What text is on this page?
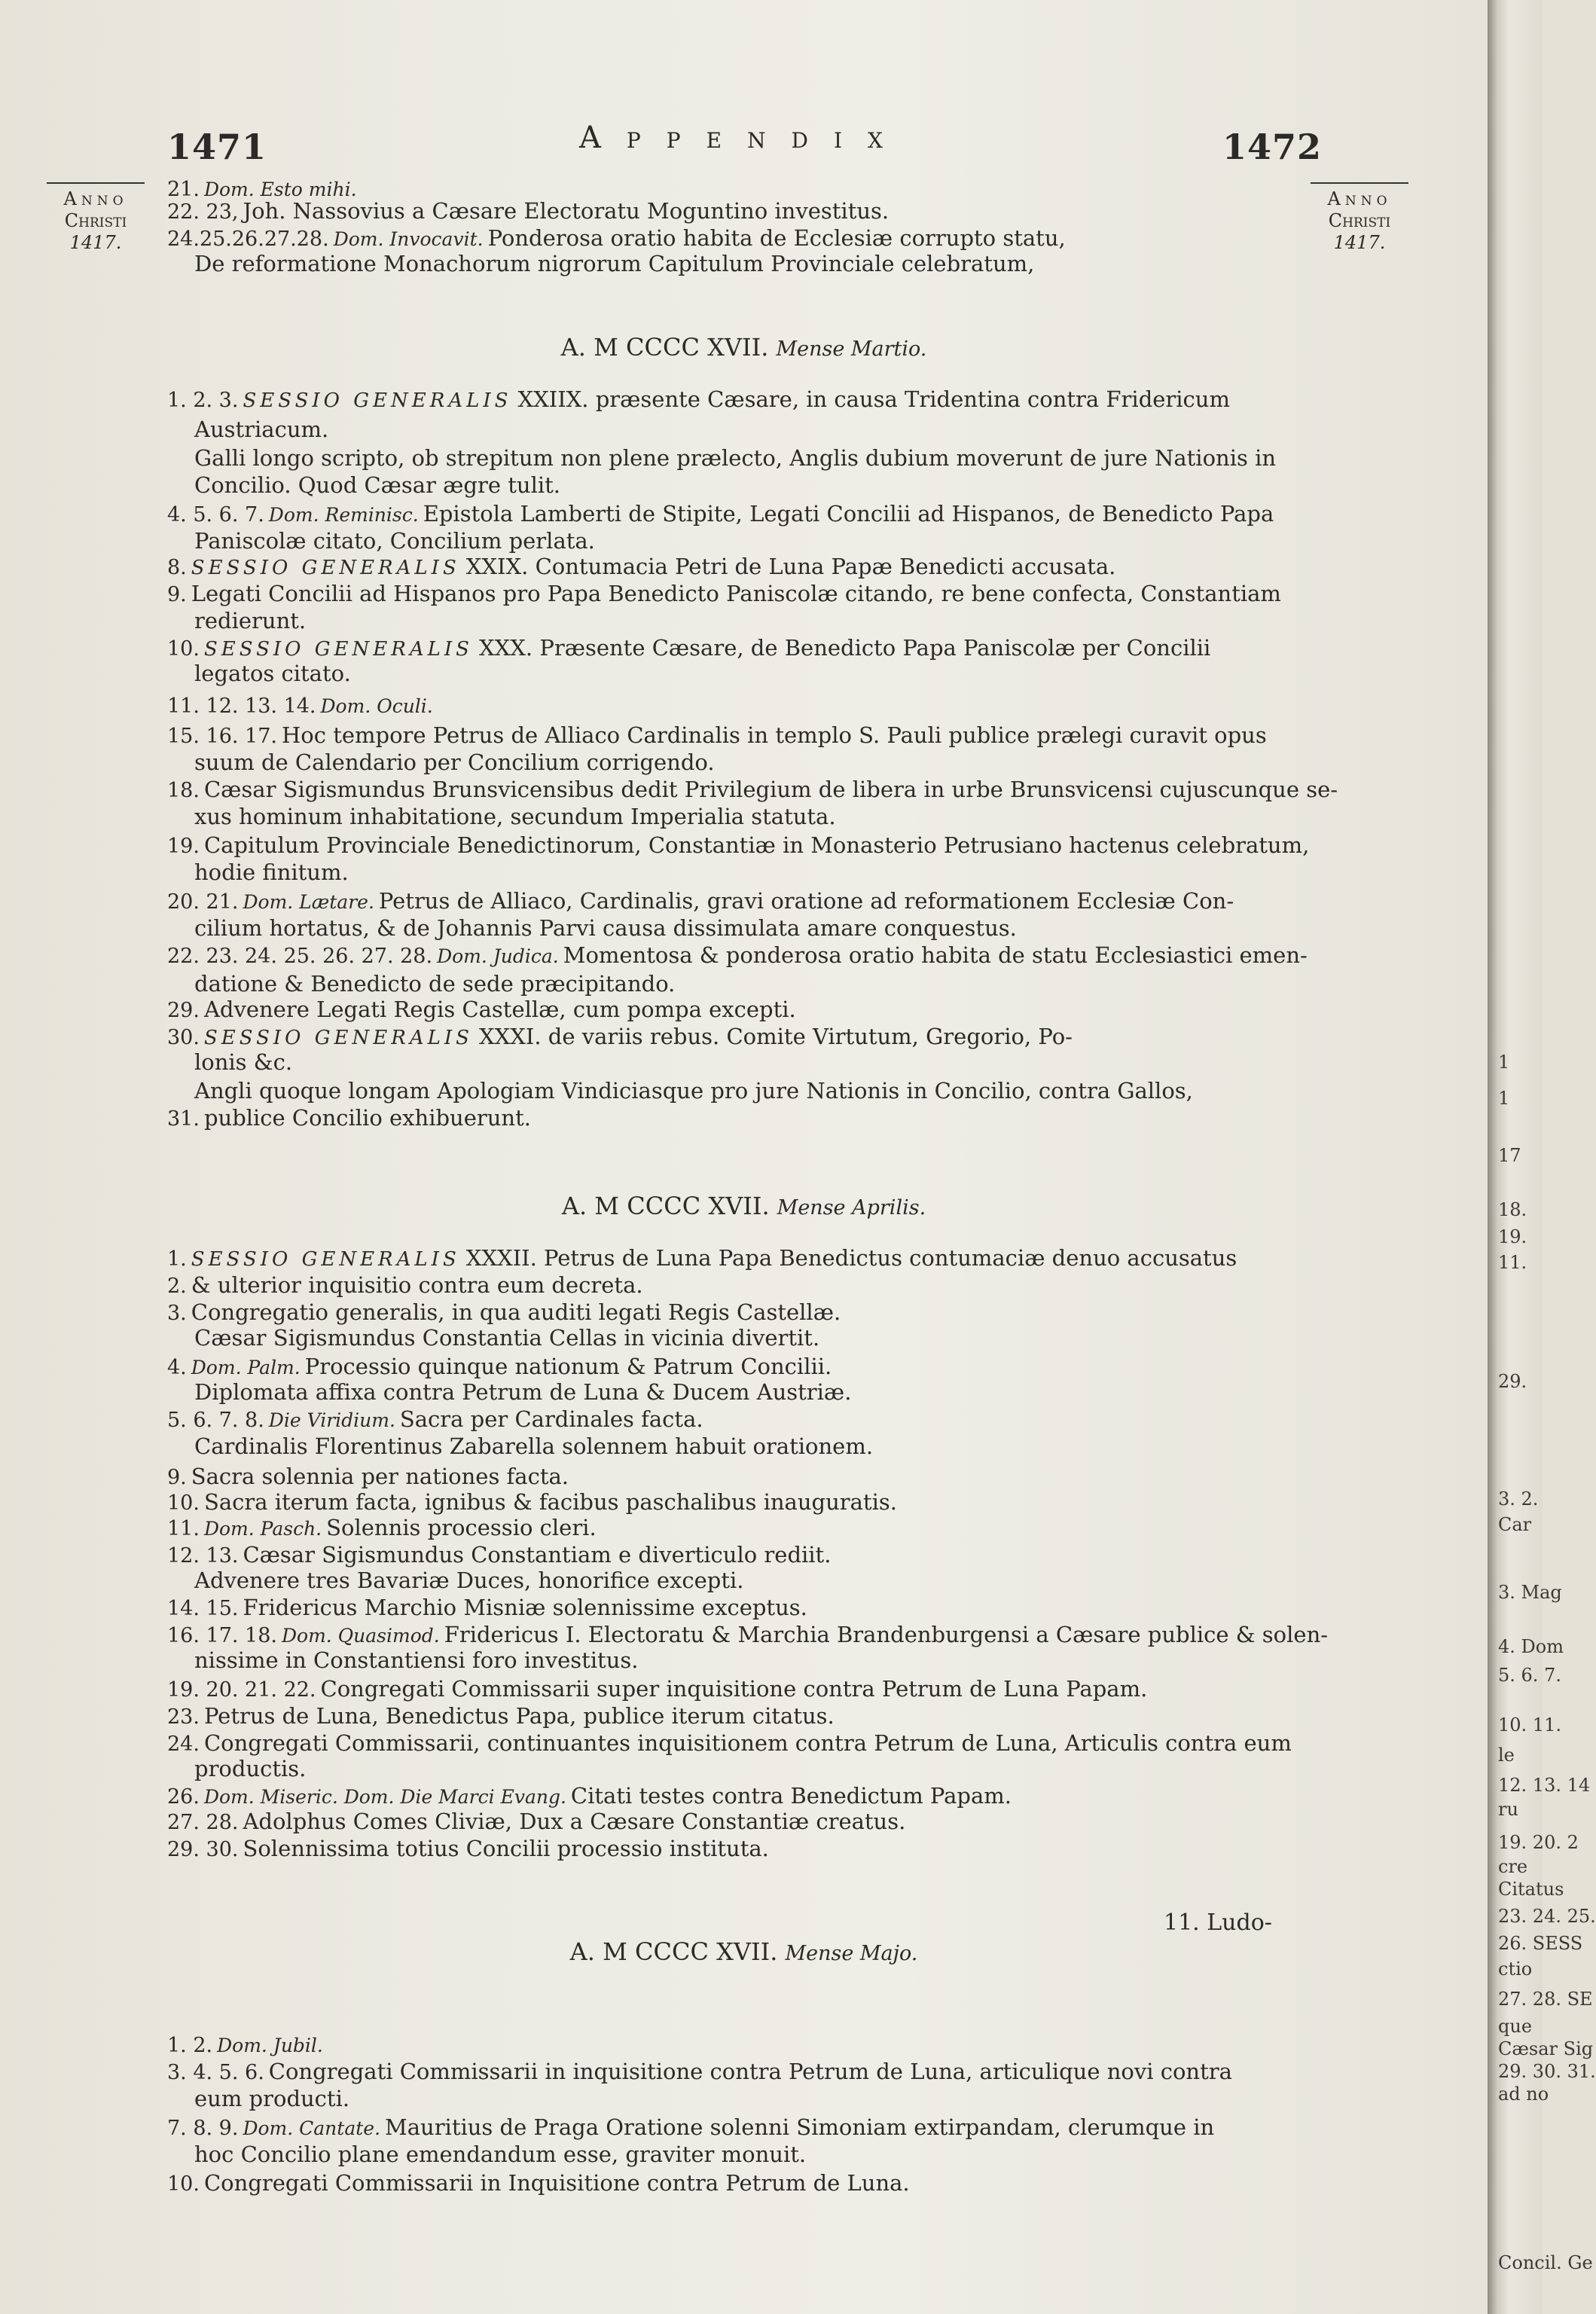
1471	Appendix	1472
Anno
Christi
1417.
Anno
Christi
1417.
21. Dom. Esto mihi.
22. 23, Joh. Nassovius a Cæsare Electoratu Moguntino investitus.
24.25.26.27.28. Dom. Invocavit. Ponderosa oratio habita de Ecclesiæ corrupto statu,
De reformatione Monachorum nigrorum Capitulum Provinciale celebratum,
A. M CCCC XVII. Mense Martio.
1. 2. 3. SESSIO GENERALIS XXIIX. præsente Cæsare, in causa Tridentina contra Fridericum
Austriacum.
Galli longo scripto, ob strepitum non plene prælecto, Anglis dubium moverunt de jure Nationis in
Concilio. Quod Cæsar ægre tulit.
4. 5. 6. 7. Dom. Reminisc. Epistola Lamberti de Stipite, Legati Concilii ad Hispanos, de Benedicto Papa
Paniscolæ citato, Concilium perlata.
8. SESSIO GENERALIS XXIX. Contumacia Petri de Luna Papæ Benedicti accusata.
9. Legati Concilii ad Hispanos pro Papa Benedicto Paniscolæ citando, re bene confecta, Constantiam
redierunt.
10. SESSIO GENERALIS XXX. Præsente Cæsare, de Benedicto Papa Paniscolæ per Concilii
legatos citato.
11. 12. 13. 14. Dom. Oculi.
15. 16. 17. Hoc tempore Petrus de Alliaco Cardinalis in templo S. Pauli publice prælegi curavit opus
suum de Calendario per Concilium corrigendo.
18. Cæsar Sigismundus Brunsvicensibus dedit Privilegium de libera in urbe Brunsvicensi cujuscunque se-
xus hominum inhabitatione, secundum Imperialia statuta.
19. Capitulum Provinciale Benedictinorum, Constantiæ in Monasterio Petrusiano hactenus celebratum,
hodie finitum.
20. 21. Dom. Lætare. Petrus de Alliaco, Cardinalis, gravi oratione ad reformationem Ecclesiæ Con-
cilium hortatus, & de Johannis Parvi causa dissimulata amare conquestus.
22. 23. 24. 25. 26. 27. 28. Dom. Judica. Momentosa & ponderosa oratio habita de statu Ecclesiastici emen-
datione & Benedicto de sede præcipitando.
29. Advenere Legati Regis Castellæ, cum pompa excepti.
30. SESSIO GENERALIS XXXI. de variis rebus. Comite Virtutum, Gregorio, Po-
lonis &c.
Angli quoque longam Apologiam Vindiciasque pro jure Nationis in Concilio, contra Gallos,
31. publice Concilio exhibuerunt.
A. M CCCC XVII. Mense Aprilis.
1. SESSIO GENERALIS XXXII. Petrus de Luna Papa Benedictus contumaciæ denuo accusatus
2. & ulterior inquisitio contra eum decreta.
3. Congregatio generalis, in qua auditi legati Regis Castellæ.
Cæsar Sigismundus Constantia Cellas in vicinia divertit.
4. Dom. Palm. Processio quinque nationum & Patrum Concilii.
Diplomata affixa contra Petrum de Luna & Ducem Austriæ.
5. 6. 7. 8. Die Viridium. Sacra per Cardinales facta.
Cardinalis Florentinus Zabarella solennem habuit orationem.
9. Sacra solennia per nationes facta.
10. Sacra iterum facta, ignibus & facibus paschalibus inauguratis.
11. Dom. Pasch. Solennis processio cleri.
12. 13. Cæsar Sigismundus Constantiam e diverticulo rediit.
Advenere tres Bavariæ Duces, honorifice excepti.
14. 15. Fridericus Marchio Misniæ solennissime exceptus.
16. 17. 18. Dom. Quasimod. Fridericus I. Electoratu & Marchia Brandenburgensi a Cæsare publice & solen-
nissime in Constantiensi foro investitus.
19. 20. 21. 22. Congregati Commissarii super inquisitione contra Petrum de Luna Papam.
23. Petrus de Luna, Benedictus Papa, publice iterum citatus.
24. Congregati Commissarii, continuantes inquisitionem contra Petrum de Luna, Articulis contra eum
productis.
26. Dom. Miseric. Dom. Die Marci Evang. Citati testes contra Benedictum Papam.
27. 28. Adolphus Comes Cliviæ, Dux a Cæsare Constantiæ creatus.
29. 30. Solennissima totius Concilii processio instituta.
A. M CCCC XVII. Mense Majo.
1. 2. Dom. Jubil.
3. 4. 5. 6. Congregati Commissarii in inquisitione contra Petrum de Luna, articulique novi contra
eum producti.
7. 8. 9. Dom. Cantate. Mauritius de Praga Oratione solenni Simoniam extirpandam, clerumque in
hoc Concilio plane emendandum esse, graviter monuit.
10. Congregati Commissarii in Inquisitione contra Petrum de Luna.
11. Ludo-
1
1
17
18.
19.
11.
29.
3. 2.
Car
3. Mag
4. Dom
5. 6. 7.
10. 11.
le
12. 13. 14
ru
19. 20. 2
cre
Citatus
23. 24. 25.
26. SESS
ctio
27. 28. SE
que
Cæsar Sig
29. 30. 31.
ad no
Concil. Ge
